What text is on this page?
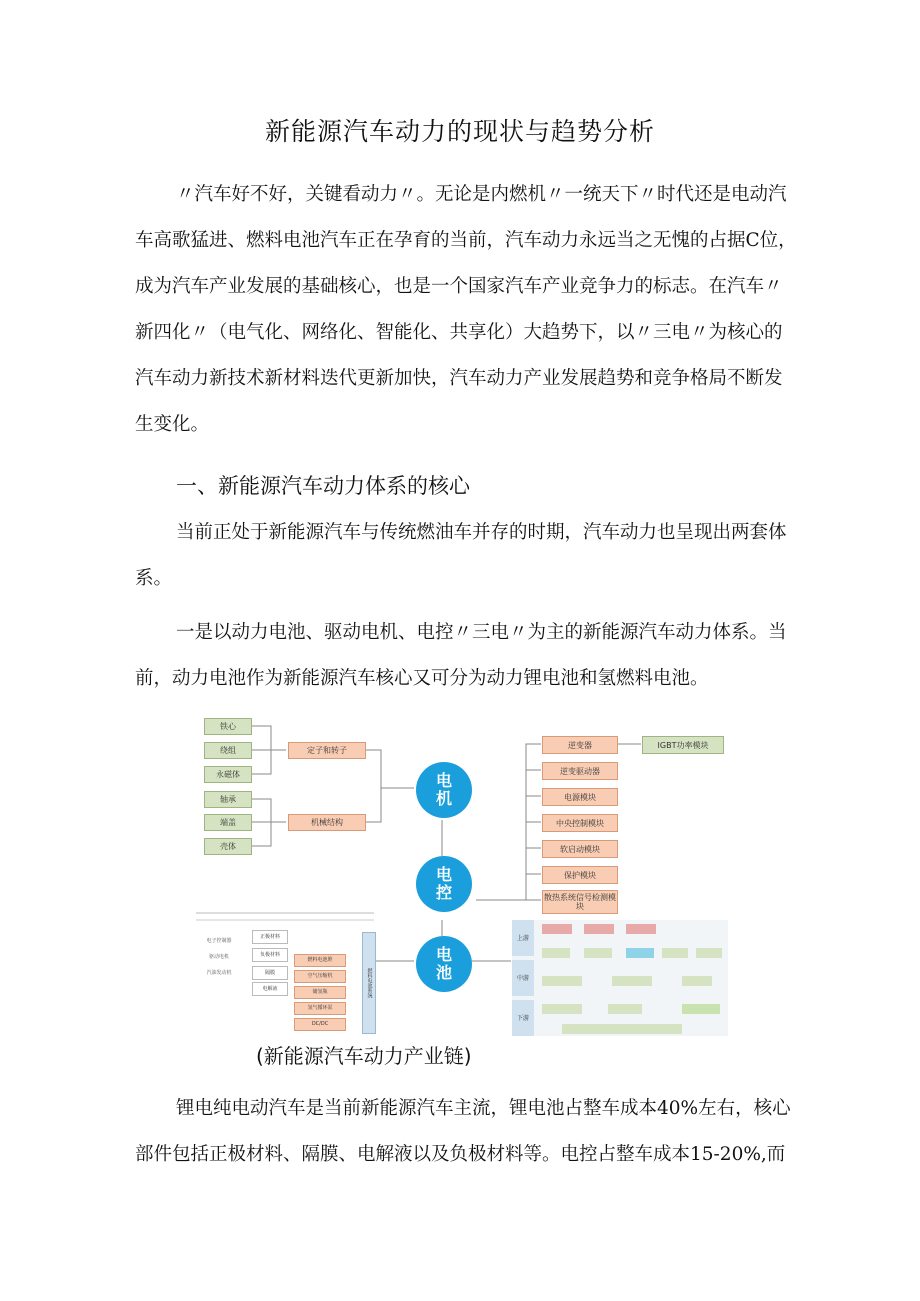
新能源汽车动力的现状与趋势分析
〃汽车好不好，关键看动力〃。无论是内燃机〃一统天下〃时代还是电动汽
车高歌猛进、燃料电池汽车正在孕育的当前，汽车动力永远当之无愧的占据C位，
成为汽车产业发展的基础核心，也是一个国家汽车产业竞争力的标志。在汽车〃
新四化〃（电气化、网络化、智能化、共享化）大趋势下，以〃三电〃为核心的
汽车动力新技术新材料迭代更新加快，汽车动力产业发展趋势和竞争格局不断发
生变化。
一、新能源汽车动力体系的核心
当前正处于新能源汽车与传统燃油车并存的时期，汽车动力也呈现出两套体
系。
一是以动力电池、驱动电机、电控〃三电〃为主的新能源汽车动力体系。当
前，动力电池作为新能源汽车核心又可分为动力锂电池和氢燃料电池。
铁心
绕组
永磁体
轴承
端盖
壳体
定子和转子
机械结构
电
机
电
控
电
池
逆变器
逆变驱动器
电源模块
中央控制模块
软启动模块
保护模块
散热系统信号检测模块
IGBT功率模块
电子控制器
驱动电机
汽油发动机
正极材料
负极材料
隔膜
电解液
燃料电池堆
空气压缩机
储氢瓶
氢气循环泵
DC/DC
燃料电池系统
上游
中游
下游
(新能源汽车动力产业链)
锂电纯电动汽车是当前新能源汽车主流，锂电池占整车成本40%左右，核心
部件包括正极材料、隔膜、电解液以及负极材料等。电控占整车成本15-20%,而
